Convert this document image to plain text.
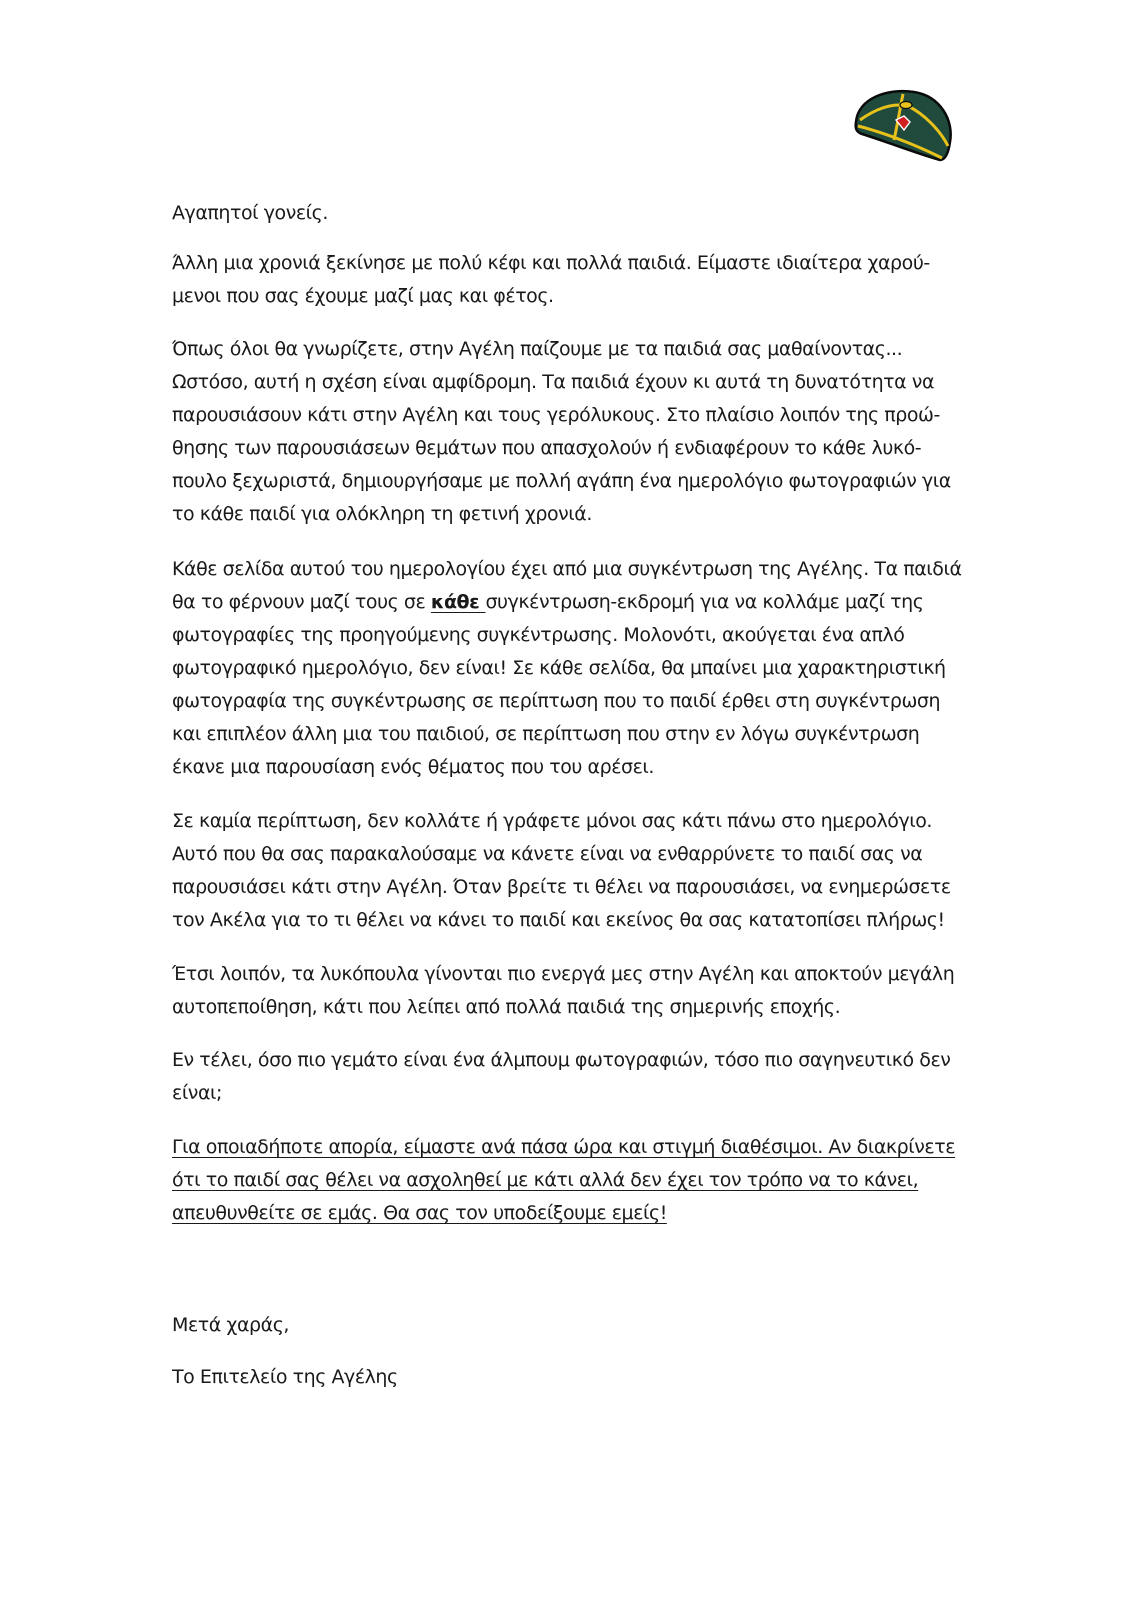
Αγαπητοί γονείς.

Άλλη μια χρονιά ξεκίνησε με πολύ κέφι και πολλά παιδιά. Είμαστε ιδιαίτερα χαρού- μενοι που σας έχουμε μαζί μας και φέτος.

Όπως όλοι θα γνωρίζετε, στην Αγέλη παίζουμε με τα παιδιά σας μαθαίνοντας... Ωστόσο, αυτή η σχέση είναι αμφίδρομη. Τα παιδιά έχουν κι αυτά τη δυνατότητα να παρουσιάσουν κάτι στην Αγέλη και τους γερόλυκους. Στο πλαίσιο λοιπόν της προώ- θησης των παρουσιάσεων θεμάτων που απασχολούν ή ενδιαφέρουν το κάθε λυκό- πουλο ξεχωριστά, δημιουργήσαμε με πολλή αγάπη ένα ημερολόγιο φωτογραφιών για το κάθε παιδί για ολόκληρη τη φετινή χρονιά.

Κάθε σελίδα αυτού του ημερολογίου έχει από μια συγκέντρωση της Αγέλης. Τα παιδιά θα το φέρνουν μαζί τους σε κάθε συγκέντρωση-εκδρομή για να κολλάμε μαζί της φωτογραφίες της προηγούμενης συγκέντρωσης. Μολονότι, ακούγεται ένα απλό φωτογραφικό ημερολόγιο, δεν είναι! Σε κάθε σελίδα, θα μπαίνει μια χαρακτηριστική φωτογραφία της συγκέντρωσης σε περίπτωση που το παιδί έρθει στη συγκέντρωση και επιπλέον άλλη μια του παιδιού, σε περίπτωση που στην εν λόγω συγκέντρωση έκανε μια παρουσίαση ενός θέματος που του αρέσει.

Σε καμία περίπτωση, δεν κολλάτε ή γράφετε μόνοι σας κάτι πάνω στο ημερολόγιο. Αυτό που θα σας παρακαλούσαμε να κάνετε είναι να ενθαρρύνετε το παιδί σας να παρουσιάσει κάτι στην Αγέλη. Όταν βρείτε τι θέλει να παρουσιάσει, να ενημερώσετε τον Ακέλα για το τι θέλει να κάνει το παιδί και εκείνος θα σας κατατοπίσει πλήρως!

Έτσι λοιπόν, τα λυκόπουλα γίνονται πιο ενεργά μες στην Αγέλη και αποκτούν μεγάλη αυτοπεποίθηση, κάτι που λείπει από πολλά παιδιά της σημερινής εποχής.

Εν τέλει, όσο πιο γεμάτο είναι ένα άλμπουμ φωτογραφιών, τόσο πιο σαγηνευτικό δεν είναι;

Για οποιαδήποτε απορία, είμαστε ανά πάσα ώρα και στιγμή διαθέσιμοι. Αν διακρίνετε ότι το παιδί σας θέλει να ασχοληθεί με κάτι αλλά δεν έχει τον τρόπο να το κάνει, απευθυνθείτε σε εμάς. Θα σας τον υποδείξουμε εμείς!

Μετά χαράς,

Το Επιτελείο της Αγέλης
